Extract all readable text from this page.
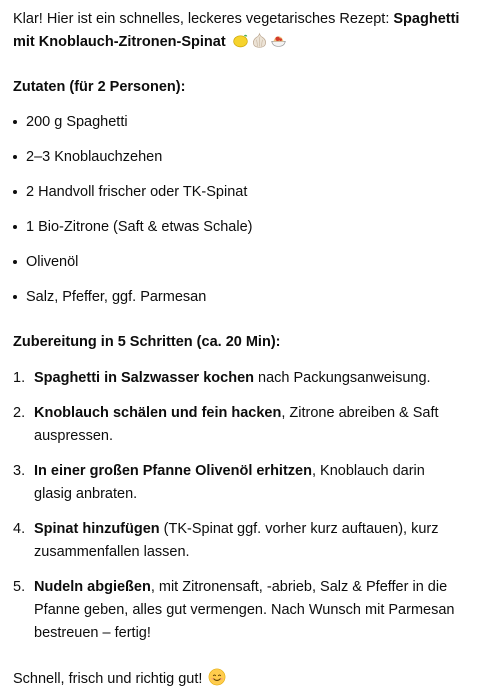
Klar! Hier ist ein schnelles, leckeres vegetarisches Rezept: Spaghetti mit Knoblauch-Zitronen-Spinat

Zutaten (für 2 Personen):

200 g Spaghetti
2–3 Knoblauchzehen
2 Handvoll frischer oder TK-Spinat
1 Bio-Zitrone (Saft & etwas Schale)
Olivenöl
Salz, Pfeffer, ggf. Parmesan

Zubereitung in 5 Schritten (ca. 20 Min):

1. Spaghetti in Salzwasser kochen nach Packungsanweisung.
2. Knoblauch schälen und fein hacken, Zitrone abreiben & Saft auspressen.
3. In einer großen Pfanne Olivenöl erhitzen, Knoblauch darin glasig anbraten.
4. Spinat hinzufügen (TK-Spinat ggf. vorher kurz auftauen), kurz zusammenfallen lassen.
5. Nudeln abgießen, mit Zitronensaft, -abrieb, Salz & Pfeffer in die Pfanne geben, alles gut vermengen. Nach Wunsch mit Parmesan bestreuen – fertig!

Schnell, frisch und richtig gut!
